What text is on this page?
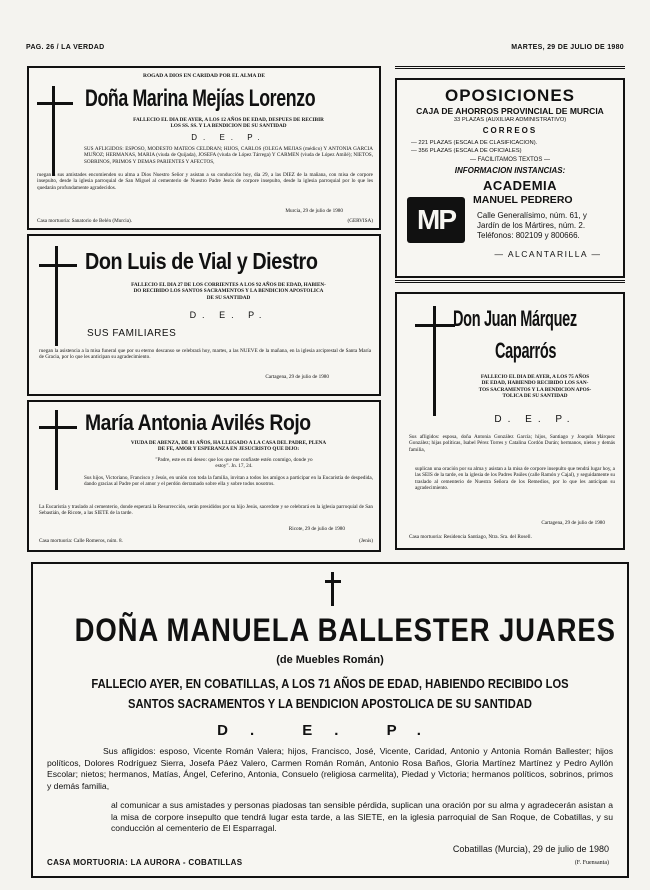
PAG. 26 / LA VERDAD	MARTES, 29 DE JULIO DE 1980
ROGAD A DIOS EN CARIDAD POR EL ALMA DE
Doña Marina Mejías Lorenzo
FALLECIO EL DIA DE AYER, A LOS 12 AÑOS DE EDAD, DESPUES DE RECIBIR
LOS SS. SS. Y LA BENDICION DE SU SANTIDAD
D. E. P.
SUS AFLIGIDOS: ESPOSO, MODESTO MATEOS CELDRAN; HIJOS, CARLOS (OLEGA MEJIAS (médico) Y ANTONIA GARCIA MUÑOZ; HERMANAS, MARIA (viuda de Quijada), JOSEFA (viuda de López Tárrega) Y CARMEN (viuda de López Amilé); NIETOS, SOBRINOS, PRIMOS Y DEMAS PARIENTES Y AFECTOS,
ruegan a sus amistades encomienden su alma a Dios Nuestro Señor y asistan a su conducción hoy, día 29, a las DIEZ de la mañana, con misa de corpore insepulto, desde la iglesia parroquial de San Miguel al cementerio de Nuestro Padre Jesús de corpore insepulto, desde la iglesia parroquial por lo que les quedarán profundamente agradecidos.
Murcia, 29 de julio de 1980
Casa mortuoria: Sanatorio de Belén (Murcia).	(GERVISA)
Don Luis de Vial y Diestro
FALLECIO EL DIA 27 DE LOS CORRIENTES A LOS 92 AÑOS DE EDAD, HABIEN-
DO RECIBIDO LOS SANTOS SACRAMENTOS Y LA BENDICION APOSTOLICA
DE SU SANTIDAD
D. E. P.
SUS FAMILIARES
ruegan la asistencia a la misa funeral que por su eterno descanso se celebrará hoy, martes, a las NUEVE de la mañana, en la iglesia arciprestal de Santa María de Gracia, por lo que les anticipan su agradecimiento.
Cartagena, 29 de julio de 1980
María Antonia Avilés Rojo
VIUDA DE ABENZA, DE 81 AÑOS, HA LLEGADO A LA CASA DEL PADRE, PLENA
DE FE, AMOR Y ESPERANZA EN JESUCRISTO QUE DIJO:
"Padre, este es mi deseo: que los que me confiaste estén conmigo, donde yo estoy". Jn. 17, 24.
Sus hijos, Victoriano, Francisco y Jesús, en unión con toda la familia, invitan a todos los amigos a participar en la Eucaristía de despedida, dando gracias al Padre por el amor y el perdón derramado sobre ella y sobre todos nosotros.
La Eucaristía y traslado al cementerio, donde esperará la Resurrección, serán presididos por su hijo Jesús, sacerdote y se celebrará en la iglesia parroquial de San Sebastián, de Ricote, a las SIETE de la tarde.
Ricote, 29 de julio de 1980
Casa mortuoria: Calle Romeros, núm. 8.	(Jenís)
OPOSICIONES
CAJA DE AHORROS PROVINCIAL DE MURCIA
33 PLAZAS (AUXILIAR ADMINISTRATIVO)
CORREOS
— 221 PLAZAS (ESCALA DE CLASIFICACION).
— 356 PLAZAS (ESCALA DE OFICIALES)
— FACILITAMOS TEXTOS —
INFORMACION INSTANCIAS:
ACADEMIA
MANUEL PEDRERO
MP	Calle Generalísimo, núm. 61, y
Jardín de los Mártires, núm. 2.
Teléfonos: 802109 y 800666.
— ALCANTARILLA —
Don Juan Márquez
Caparrós
FALLECIO EL DIA DE AYER, A LOS 75 AÑOS
DE EDAD, HABIENDO RECIBIDO LOS SAN-
TOS SACRAMENTOS Y LA BENDICION APOS-
TOLICA DE SU SANTIDAD
D. E. P.
Sus afligidos: esposa, doña Antonia González García; hijos, Santiago y Joaquín Márquez González; hijas políticas, Isabel Pérez Torres y Catalina Cordón Durán; hermanos, nietos y demás familia,
suplican una oración por su alma y asistan a la misa de corpore insepulto que tendrá lugar hoy, a las SEIS de la tarde, en la iglesia de los Padres Paúles (calle Ramón y Cajal), y seguidamente su traslado al cementerio de Nuestra Señora de los Remedios, por lo que les anticipan su agradecimiento.
Cartagena, 29 de julio de 1980
Casa mortuoria: Residencia Santiago, Ntra. Sra. del Rosell.
DOÑA MANUELA BALLESTER JUARES
(de Muebles Román)
FALLECIO AYER, EN COBATILLAS, A LOS 71 AÑOS DE EDAD, HABIENDO RECIBIDO LOS
SANTOS SACRAMENTOS Y LA BENDICION APOSTOLICA DE SU SANTIDAD
D. E. P.
Sus afligidos: esposo, Vicente Román Valera; hijos, Francisco, José, Vicente, Caridad, Antonio y Antonia Román Ballester; hijos políticos, Dolores Rodríguez Sierra, Josefa Páez Valero, Carmen Román Román, Antonio Rosa Baños, Gloria Martínez Martínez y Pedro Ayllón Escolar; nietos; hermanos, Matías, Ángel, Ceferino, Antonia, Consuelo (religiosa carmelita), Piedad y Victoria; hermanos políticos, sobrinos, primos y demás familia,
al comunicar a sus amistades y personas piadosas tan sensible pérdida, suplican una oración por su alma y agradecerán asistan a la misa de corpore insepulto que tendrá lugar esta tarde, a las SIETE, en la iglesia parroquial de San Roque, de Cobatillas, y su conducción al cementerio de El Esparragal.
Cobatillas (Murcia), 29 de julio de 1980
CASA MORTUORIA: LA AURORA - COBATILLAS	(F. Fuensanta)
